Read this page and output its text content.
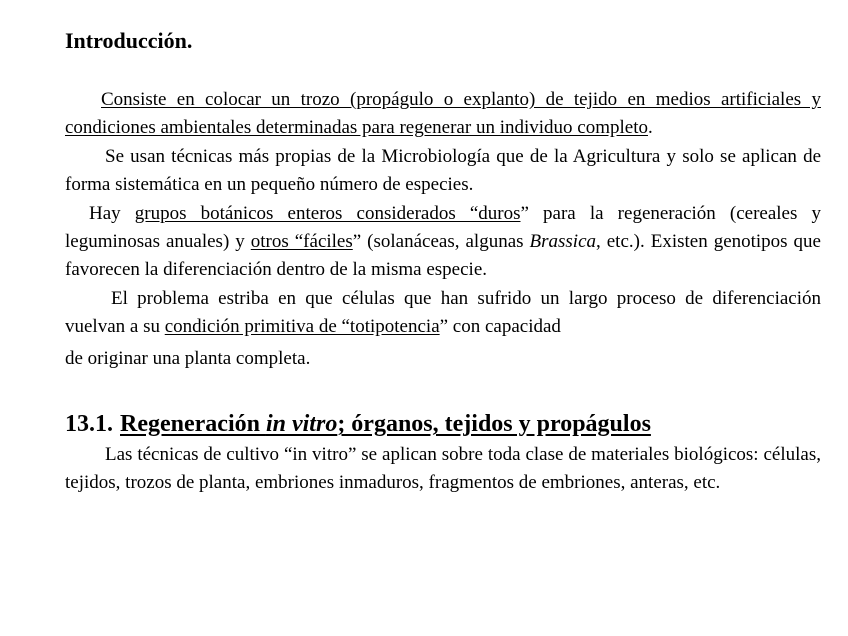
Introducción.

Consiste en colocar un trozo (propágulo o explanto) de tejido en medios artificiales y condiciones ambientales determinadas para regenerar un individuo completo.

Se usan técnicas más propias de la Microbiología que de la Agricultura y solo se aplican de forma sistemática en un pequeño número de especies.

Hay grupos botánicos enteros considerados “duros” para la regeneración (cereales y leguminosas anuales) y otros “fáciles” (solanáceas, algunas Brassica, etc.). Existen genotipos que favorecen la diferenciación dentro de la misma especie.

El problema estriba en que células que han sufrido un largo proceso de diferenciación vuelvan a su condición primitiva de “totipotencia” con capacidad

de originar una planta completa.

13.1. Regeneración in vitro; órganos, tejidos y propágulos

Las técnicas de cultivo “in vitro” se aplican sobre toda clase de materiales biológicos: células, tejidos, trozos de planta, embriones inmaduros, fragmentos de embriones, anteras, etc.
